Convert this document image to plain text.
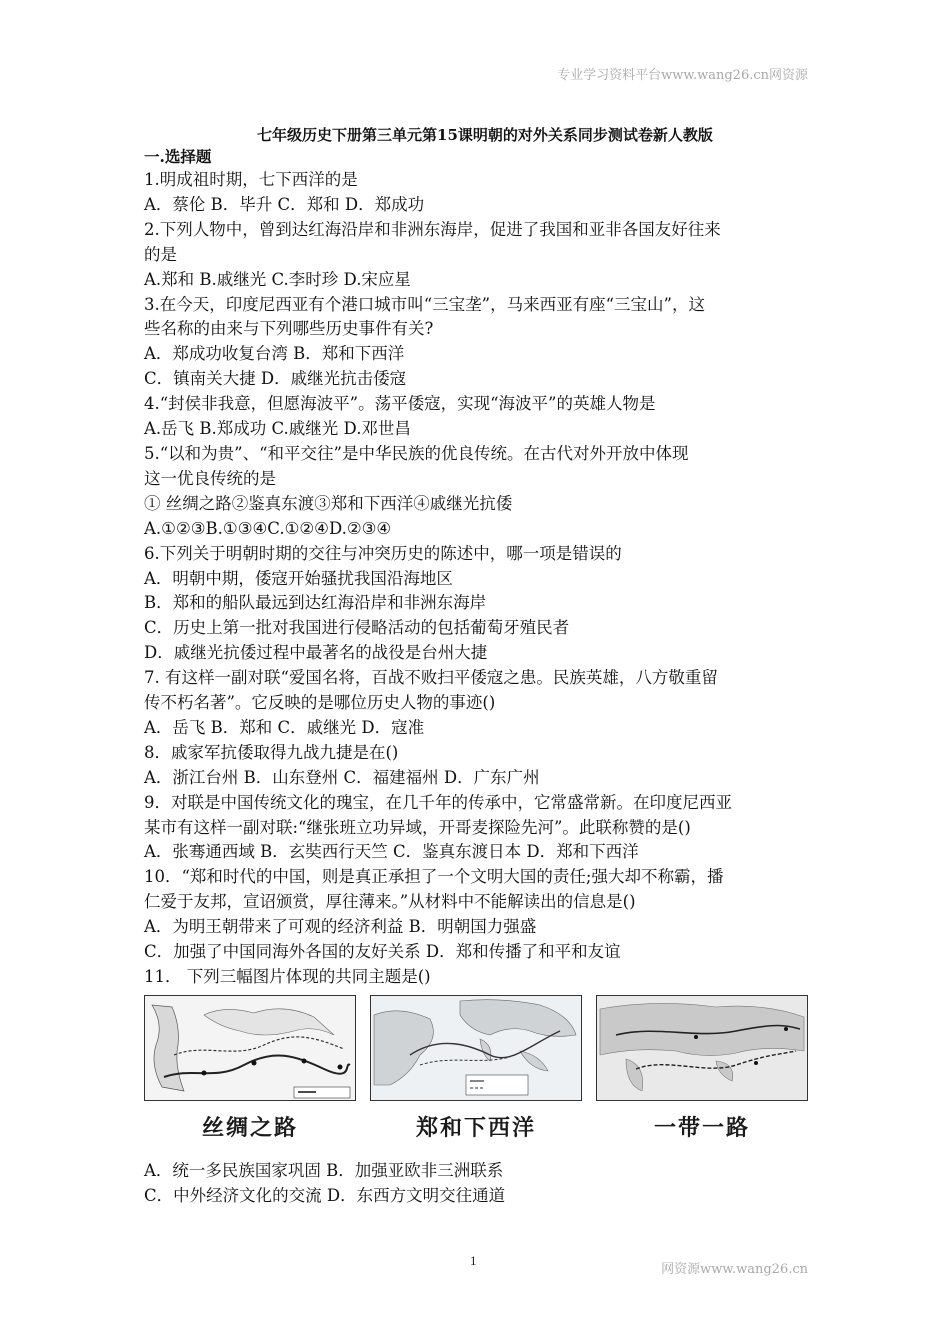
专业学习资料平台www.wang26.cn网资源

七年级历史下册第三单元第15课明朝的对外关系同步测试卷新人教版

一.选择题

1.明成祖时期，七下西洋的是

A．蔡伦 B．毕升 C．郑和 D．郑成功

2.下列人物中，曾到达红海沿岸和非洲东海岸，促进了我国和亚非各国友好往来

的是

A.郑和 B.戚继光 C.李时珍 D.宋应星

3.在今天，印度尼西亚有个港口城市叫“三宝垄”，马来西亚有座“三宝山”，这

些名称的由来与下列哪些历史事件有关?

A．郑成功收复台湾 B．郑和下西洋

C．镇南关大捷 D．戚继光抗击倭寇

4.“封侯非我意，但愿海波平”。荡平倭寇，实现“海波平”的英雄人物是

A.岳飞 B.郑成功 C.戚继光 D.邓世昌

5.“以和为贵”、“和平交往”是中华民族的优良传统。在古代对外开放中体现

这一优良传统的是

① 丝绸之路②鉴真东渡③郑和下西洋④戚继光抗倭

A.①②③B.①③④C.①②④D.②③④

6.下列关于明朝时期的交往与冲突历史的陈述中，哪一项是错误的

A．明朝中期，倭寇开始骚扰我国沿海地区

B．郑和的船队最远到达红海沿岸和非洲东海岸

C．历史上第一批对我国进行侵略活动的包括葡萄牙殖民者

D．戚继光抗倭过程中最著名的战役是台州大捷

7. 有这样一副对联“爱国名将，百战不败扫平倭寇之患。民族英雄，八方敬重留

传不朽名著”。它反映的是哪位历史人物的事迹()

A．岳飞 B．郑和 C．戚继光 D．寇准

8．戚家军抗倭取得九战九捷是在()

A．浙江台州 B．山东登州 C．福建福州 D．广东广州

9．对联是中国传统文化的瑰宝，在几千年的传承中，它常盛常新。在印度尼西亚

某市有这样一副对联:“继张班立功异域，开哥麦探险先河”。此联称赞的是()

A．张骞通西域 B．玄奘西行天竺 C．鉴真东渡日本 D．郑和下西洋

10．“郑和时代的中国，则是真正承担了一个文明大国的责任;强大却不称霸，播

仁爱于友邦，宣诏颁赏，厚往薄来。”从材料中不能解读出的信息是()

A．为明王朝带来了可观的经济利益 B．明朝国力强盛

C．加强了中国同海外各国的友好关系 D．郑和传播了和平和友谊

11． 下列三幅图片体现的共同主题是()

丝绸之路	郑和下西洋	一带一路

A．统一多民族国家巩固 B．加强亚欧非三洲联系

C．中外经济文化的交流 D．东西方文明交往通道

1
网资源www.wang26.cn
